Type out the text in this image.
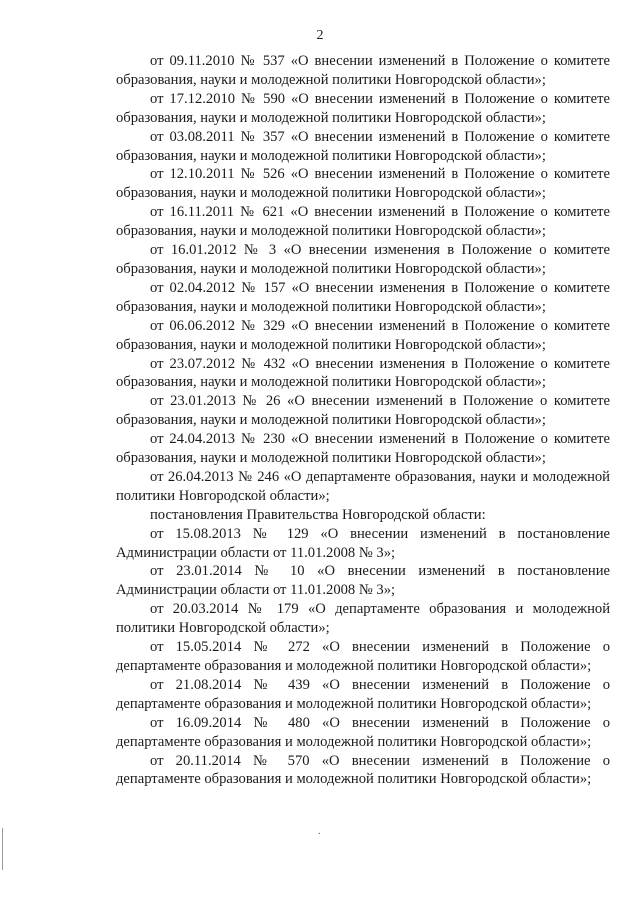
2

от 09.11.2010 № 537 «О внесении изменений в Положение о комитете образования, науки и молодежной политики Новгородской области»;

от 17.12.2010 № 590 «О внесении изменений в Положение о комитете образования, науки и молодежной политики Новгородской области»;

от 03.08.2011 № 357 «О внесении изменений в Положение о комитете образования, науки и молодежной политики Новгородской области»;

от 12.10.2011 № 526 «О внесении изменений в Положение о комитете образования, науки и молодежной политики Новгородской области»;

от 16.11.2011 № 621 «О внесении изменений в Положение о комитете образования, науки и молодежной политики Новгородской области»;

от 16.01.2012 № 3 «О внесении изменения в Положение о комитете образования, науки и молодежной политики Новгородской области»;

от 02.04.2012 № 157 «О внесении изменения в Положение о комитете образования, науки и молодежной политики Новгородской области»;

от 06.06.2012 № 329 «О внесении изменений в Положение о комитете образования, науки и молодежной политики Новгородской области»;

от 23.07.2012 № 432 «О внесении изменения в Положение о комитете образования, науки и молодежной политики Новгородской области»;

от 23.01.2013 № 26 «О внесении изменений в Положение о комитете образования, науки и молодежной политики Новгородской области»;

от 24.04.2013 № 230 «О внесении изменений в Положение о комитете образования, науки и молодежной политики Новгородской области»;

от 26.04.2013 № 246 «О департаменте образования, науки и молодежной политики Новгородской области»;

постановления Правительства Новгородской области:

от 15.08.2013 № 129 «О внесении изменений в постановление Администрации области от 11.01.2008 № 3»;

от 23.01.2014 № 10 «О внесении изменений в постановление Администрации области от 11.01.2008 № 3»;

от 20.03.2014 № 179 «О департаменте образования и молодежной политики Новгородской области»;

от 15.05.2014 № 272 «О внесении изменений в Положение о департаменте образования и молодежной политики Новгородской области»;

от 21.08.2014 № 439 «О внесении изменений в Положение о департаменте образования и молодежной политики Новгородской области»;

от 16.09.2014 № 480 «О внесении изменений в Положение о департаменте образования и молодежной политики Новгородской области»;

от 20.11.2014 № 570 «О внесении изменений в Положение о департаменте образования и молодежной политики Новгородской области»;

.
